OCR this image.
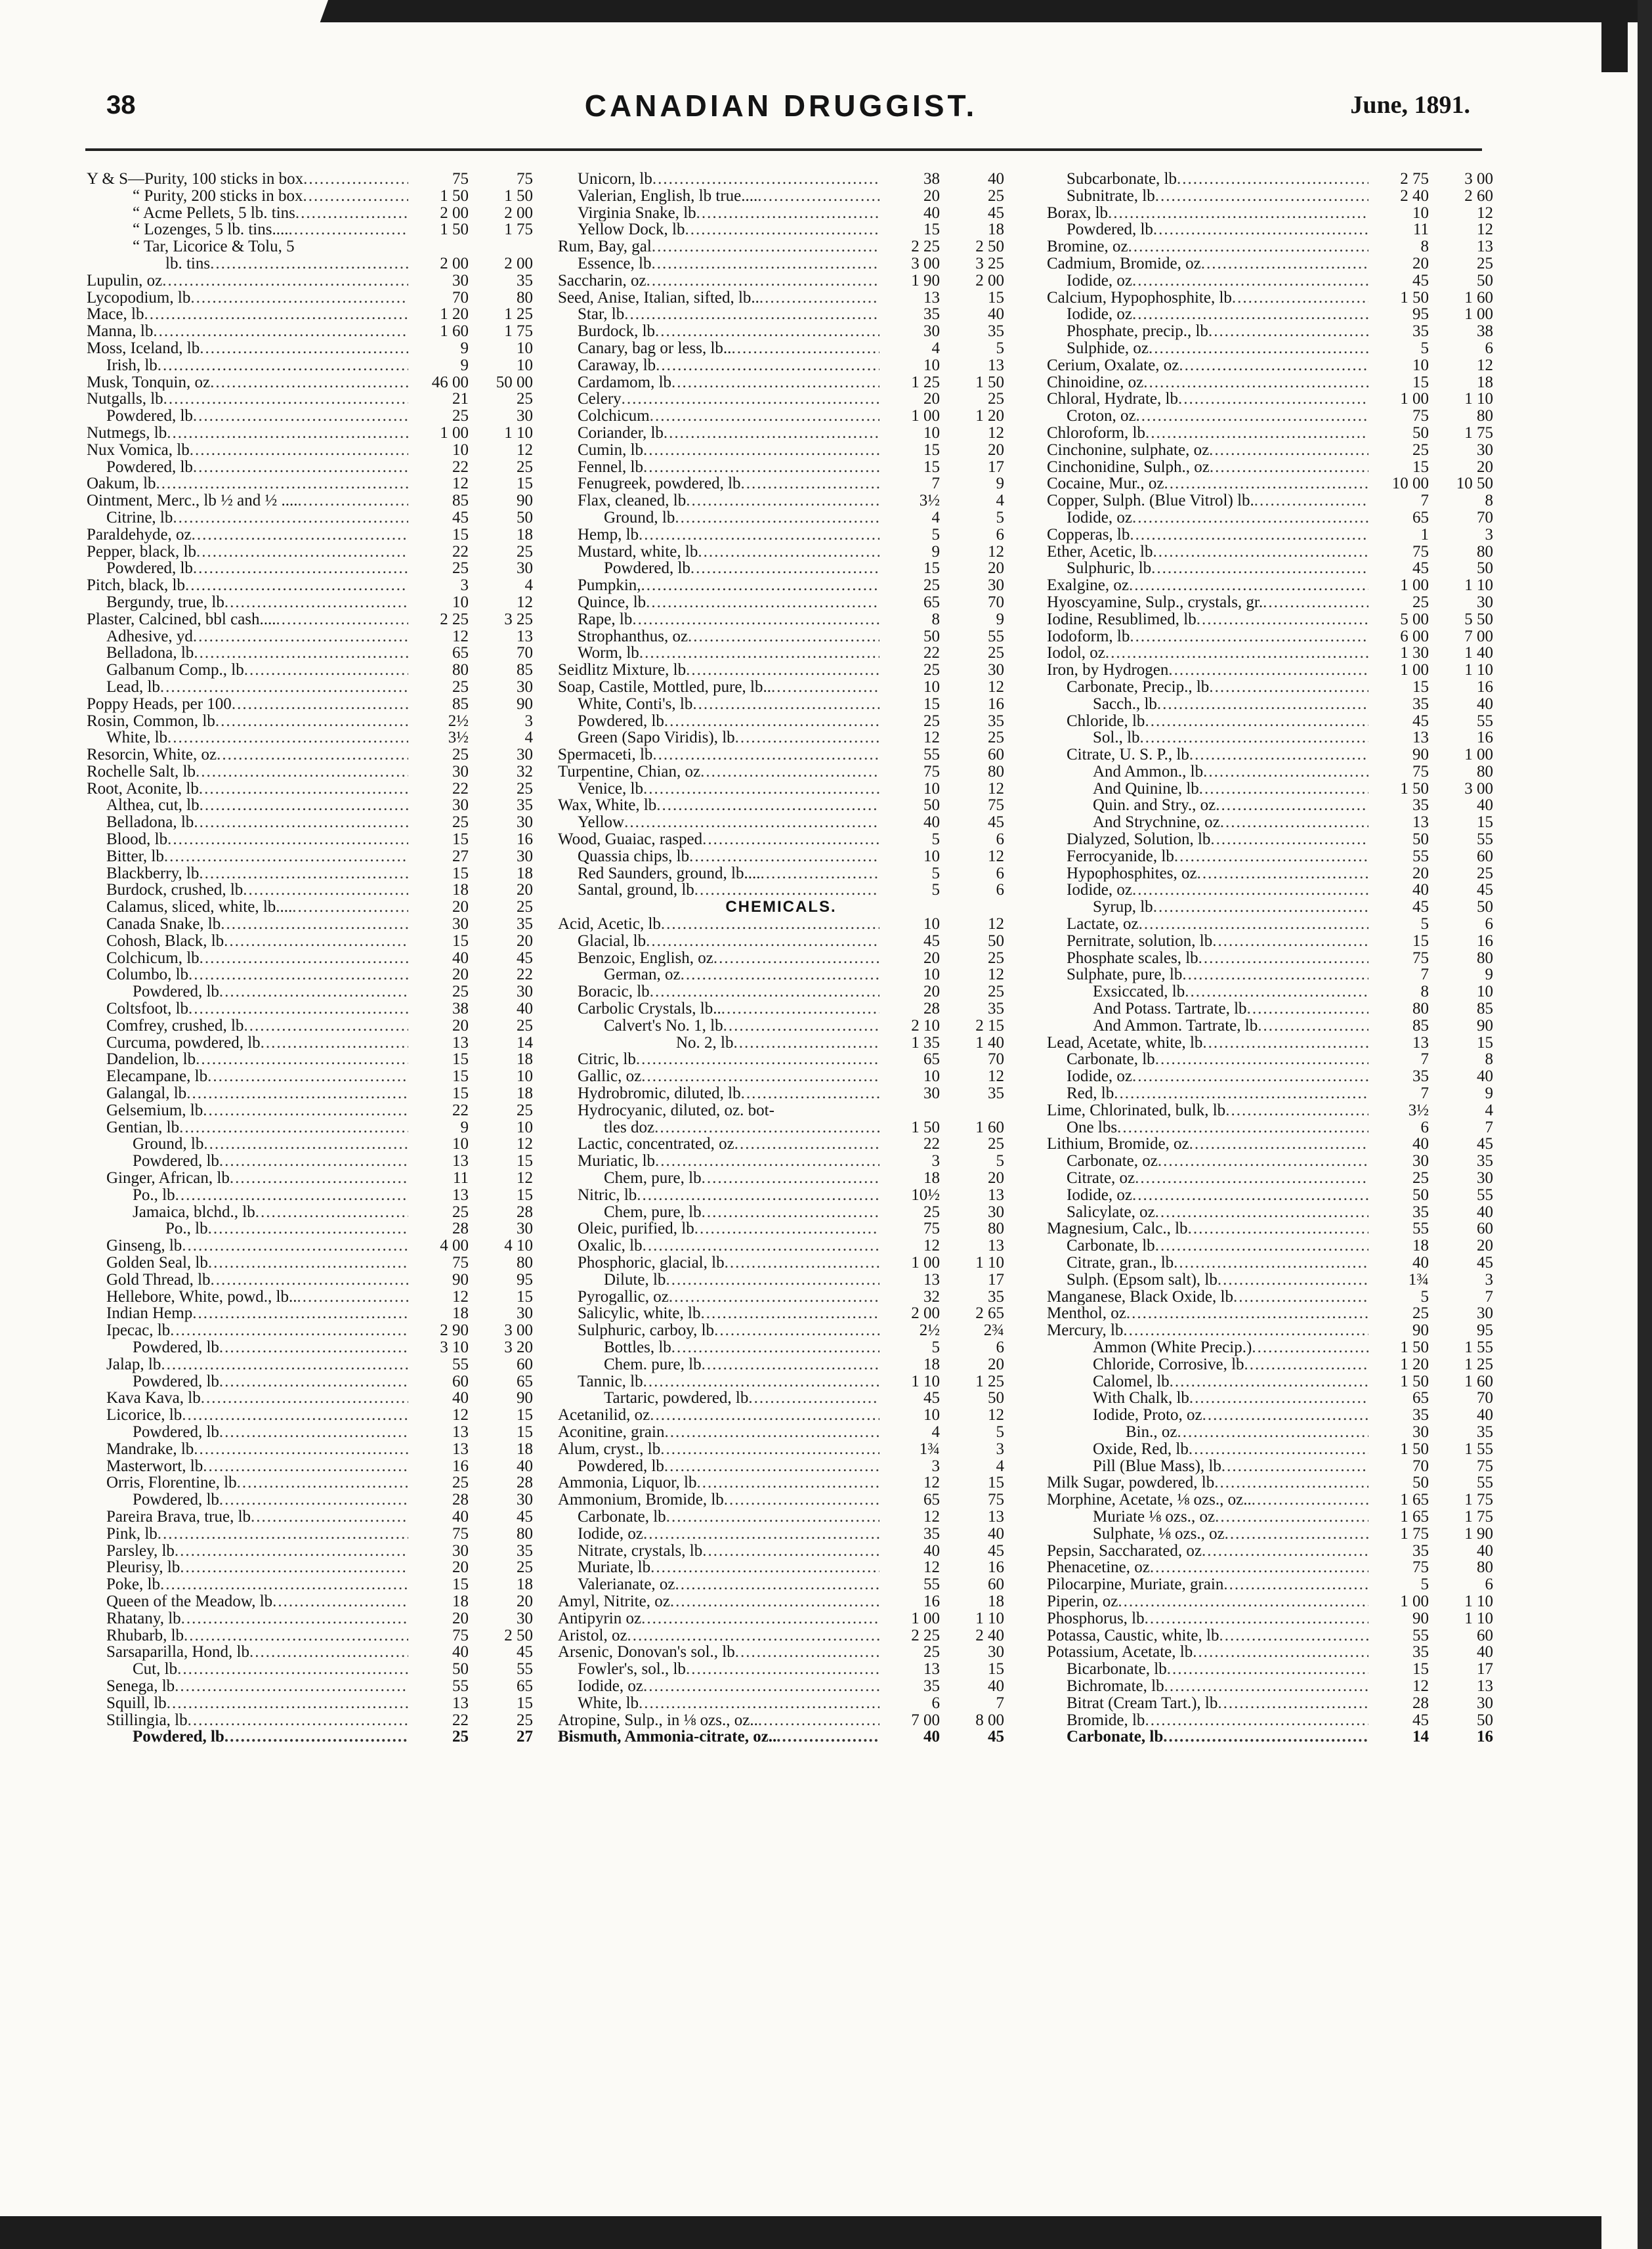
38	CANADIAN DRUGGIST.	June, 1891.
Y & S—Purity, 100 sticks in box .....	75	75
“ Purity, 200 sticks in box .....	1 50	1 50
“ Acme Pellets, 5 lb. tins .....	2 00	2 00
“ Lozenges, 5 lb. tins.... .....	1 50	1 75
“ Tar, Licorice & Tolu, 5
lb. tins .....	2 00	2 00
Lupulin, oz .....	30	35
Lycopodium, lb .....	70	80
Mace, lb .....	1 20	1 25
Manna, lb .....	1 60	1 75
Moss, Iceland, lb .....	9	10
Irish, lb .....	9	10
Musk, Tonquin, oz .....	46 00	50 00
Nutgalls, lb .....	21	25
Powdered, lb .....	25	30
Nutmegs, lb .....	1 00	1 10
Nux Vomica, lb .....	10	12
Powdered, lb .....	22	25
Oakum, lb .....	12	15
Ointment, Merc., lb ½ and ½ .... .....	85	90
Citrine, lb .....	45	50
Paraldehyde, oz .....	15	18
Pepper, black, lb .....	22	25
Powdered, lb .....	25	30
Pitch, black, lb .....	3	4
Bergundy, true, lb .....	10	12
Plaster, Calcined, bbl cash.... .....	2 25	3 25
Adhesive, yd .....	12	13
Belladona, lb .....	65	70
Galbanum Comp., lb .....	80	85
Lead, lb .....	25	30
Poppy Heads, per 100 .....	85	90
Rosin, Common, lb .....	2½	3
White, lb .....	3½	4
Resorcin, White, oz .....	25	30
Rochelle Salt, lb .....	30	32
Root, Aconite, lb .....	22	25
Althea, cut, lb .....	30	35
Belladona, lb .....	25	30
Blood, lb .....	15	16
Bitter, lb .....	27	30
Blackberry, lb .....	15	18
Burdock, crushed, lb .....	18	20
Calamus, sliced, white, lb.... .....	20	25
Canada Snake, lb .....	30	35
Cohosh, Black, lb .....	15	20
Colchicum, lb .....	40	45
Columbo, lb .....	20	22
Powdered, lb .....	25	30
Coltsfoot, lb .....	38	40
Comfrey, crushed, lb .....	20	25
Curcuma, powdered, lb .....	13	14
Dandelion, lb .....	15	18
Elecampane, lb .....	15	10
Galangal, lb .....	15	18
Gelsemium, lb .....	22	25
Gentian, lb .....	9	10
Ground, lb .....	10	12
Powdered, lb .....	13	15
Ginger, African, lb .....	11	12
Po., lb .....	13	15
Jamaica, blchd., lb .....	25	28
Po., lb .....	28	30
Ginseng, lb .....	4 00	4 10
Golden Seal, lb .....	75	80
Gold Thread, lb .....	90	95
Hellebore, White, powd., lb.. .....	12	15
Indian Hemp .....	18	30
Ipecac, lb .....	2 90	3 00
Powdered, lb .....	3 10	3 20
Jalap, lb .....	55	60
Powdered, lb .....	60	65
Kava Kava, lb .....	40	90
Licorice, lb .....	12	15
Powdered, lb .....	13	15
Mandrake, lb .....	13	18
Masterwort, lb .....	16	40
Orris, Florentine, lb .....	25	28
Powdered, lb .....	28	30
Pareira Brava, true, lb .....	40	45
Pink, lb .....	75	80
Parsley, lb .....	30	35
Pleurisy, lb .....	20	25
Poke, lb .....	15	18
Queen of the Meadow, lb .....	18	20
Rhatany, lb .....	20	30
Rhubarb, lb .....	75	2 50
Sarsaparilla, Hond, lb .....	40	45
Cut, lb .....	50	55
Senega, lb .....	55	65
Squill, lb .....	13	15
Stillingia, lb .....	22	25
Powdered, lb .....	25	27
Unicorn, lb .....	38	40
Valerian, English, lb true.... .....	20	25
Virginia Snake, lb .....	40	45
Yellow Dock, lb .....	15	18
Rum, Bay, gal .....	2 25	2 50
Essence, lb .....	3 00	3 25
Saccharin, oz .....	1 90	2 00
Seed, Anise, Italian, sifted, lb.. .....	13	15
Star, lb .....	35	40
Burdock, lb .....	30	35
Canary, bag or less, lb.. .....	4	5
Caraway, lb .....	10	13
Cardamom, lb .....	1 25	1 50
Celery .....	20	25
Colchicum .....	1 00	1 20
Coriander, lb .....	10	12
Cumin, lb .....	15	20
Fennel, lb .....	15	17
Fenugreek, powdered, lb .....	7	9
Flax, cleaned, lb .....	3½	4
Ground, lb .....	4	5
Hemp, lb .....	5	6
Mustard, white, lb .....	9	12
Powdered, lb .....	15	20
Pumpkin, .....	25	30
Quince, lb .....	65	70
Rape, lb .....	8	9
Strophanthus, oz .....	50	55
Worm, lb .....	22	25
Seidlitz Mixture, lb .....	25	30
Soap, Castile, Mottled, pure, lb.. .....	10	12
White, Conti's, lb .....	15	16
Powdered, lb .....	25	35
Green (Sapo Viridis), lb .....	12	25
Spermaceti, lb .....	55	60
Turpentine, Chian, oz .....	75	80
Venice, lb .....	10	12
Wax, White, lb .....	50	75
Yellow .....	40	45
Wood, Guaiac, rasped .....	5	6
Quassia chips, lb .....	10	12
Red Saunders, ground, lb.... .....	5	6
Santal, ground, lb .....	5	6
CHEMICALS.
Acid, Acetic, lb .....	10	12
Glacial, lb .....	45	50
Benzoic, English, oz .....	20	25
German, oz .....	10	12
Boracic, lb .....	20	25
Carbolic Crystals, lb.. .....	28	35
Calvert's No. 1, lb .....	2 10	2 15
No. 2, lb .....	1 35	1 40
Citric, lb .....	65	70
Gallic, oz .....	10	12
Hydrobromic, diluted, lb .....	30	35
Hydrocyanic, diluted, oz. bot-
tles doz .....	1 50	1 60
Lactic, concentrated, oz .....	22	25
Muriatic, lb .....	3	5
Chem, pure, lb .....	18	20
Nitric, lb .....	10½	13
Chem, pure, lb .....	25	30
Oleic, purified, lb .....	75	80
Oxalic, lb .....	12	13
Phosphoric, glacial, lb .....	1 00	1 10
Dilute, lb .....	13	17
Pyrogallic, oz .....	32	35
Salicylic, white, lb .....	2 00	2 65
Sulphuric, carboy, lb .....	2½	2¾
Bottles, lb .....	5	6
Chem. pure, lb .....	18	20
Tannic, lb .....	1 10	1 25
Tartaric, powdered, lb .....	45	50
Acetanilid, oz .....	10	12
Aconitine, grain .....	4	5
Alum, cryst., lb .....	1¾	3
Powdered, lb .....	3	4
Ammonia, Liquor, lb .....	12	15
Ammonium, Bromide, lb .....	65	75
Carbonate, lb .....	12	13
Iodide, oz .....	35	40
Nitrate, crystals, lb .....	40	45
Muriate, lb .....	12	16
Valerianate, oz .....	55	60
Amyl, Nitrite, oz .....	16	18
Antipyrin oz .....	1 00	1 10
Aristol, oz .....	2 25	2 40
Arsenic, Donovan's sol., lb .....	25	30
Fowler's, sol., lb .....	13	15
Iodide, oz .....	35	40
White, lb .....	6	7
Atropine, Sulp., in ⅛ ozs., oz.. .....	7 00	8 00
Bismuth, Ammonia-citrate, oz.. .....	40	45
Subcarbonate, lb .....	2 75	3 00
Subnitrate, lb .....	2 40	2 60
Borax, lb .....	10	12
Powdered, lb .....	11	12
Bromine, oz .....	8	13
Cadmium, Bromide, oz .....	20	25
Iodide, oz .....	45	50
Calcium, Hypophosphite, lb .....	1 50	1 60
Iodide, oz .....	95	1 00
Phosphate, precip., lb .....	35	38
Sulphide, oz .....	5	6
Cerium, Oxalate, oz .....	10	12
Chinoidine, oz .....	15	18
Chloral, Hydrate, lb .....	1 00	1 10
Croton, oz .....	75	80
Chloroform, lb .....	50	1 75
Cinchonine, sulphate, oz .....	25	30
Cinchonidine, Sulph., oz .....	15	20
Cocaine, Mur., oz .....	10 00	10 50
Copper, Sulph. (Blue Vitrol) lb. .....	7	8
Iodide, oz .....	65	70
Copperas, lb .....	1	3
Ether, Acetic, lb .....	75	80
Sulphuric, lb .....	45	50
Exalgine, oz .....	1 00	1 10
Hyoscyamine, Sulp., crystals, gr. .....	25	30
Iodine, Resublimed, lb .....	5 00	5 50
Iodoform, lb .....	6 00	7 00
Iodol, oz .....	1 30	1 40
Iron, by Hydrogen .....	1 00	1 10
Carbonate, Precip., lb .....	15	16
Sacch., lb .....	35	40
Chloride, lb .....	45	55
Sol., lb .....	13	16
Citrate, U. S. P., lb .....	90	1 00
And Ammon., lb .....	75	80
And Quinine, lb .....	1 50	3 00
Quin. and Stry., oz .....	35	40
And Strychnine, oz .....	13	15
Dialyzed, Solution, lb .....	50	55
Ferrocyanide, lb .....	55	60
Hypophosphites, oz .....	20	25
Iodide, oz .....	40	45
Syrup, lb .....	45	50
Lactate, oz .....	5	6
Pernitrate, solution, lb .....	15	16
Phosphate scales, lb .....	75	80
Sulphate, pure, lb .....	7	9
Exsiccated, lb .....	8	10
And Potass. Tartrate, lb .....	80	85
And Ammon. Tartrate, lb .....	85	90
Lead, Acetate, white, lb .....	13	15
Carbonate, lb .....	7	8
Iodide, oz .....	35	40
Red, lb .....	7	9
Lime, Chlorinated, bulk, lb .....	3½	4
One lbs .....	6	7
Lithium, Bromide, oz .....	40	45
Carbonate, oz .....	30	35
Citrate, oz .....	25	30
Iodide, oz .....	50	55
Salicylate, oz .....	35	40
Magnesium, Calc., lb .....	55	60
Carbonate, lb .....	18	20
Citrate, gran., lb .....	40	45
Sulph. (Epsom salt), lb .....	1¾	3
Manganese, Black Oxide, lb .....	5	7
Menthol, oz .....	25	30
Mercury, lb .....	90	95
Ammon (White Precip.) .....	1 50	1 55
Chloride, Corrosive, lb .....	1 20	1 25
Calomel, lb .....	1 50	1 60
With Chalk, lb .....	65	70
Iodide, Proto, oz .....	35	40
Bin., oz .....	30	35
Oxide, Red, lb .....	1 50	1 55
Pill (Blue Mass), lb .....	70	75
Milk Sugar, powdered, lb .....	50	55
Morphine, Acetate, ⅛ ozs., oz.. .....	1 65	1 75
Muriate ⅛ ozs., oz .....	1 65	1 75
Sulphate, ⅛ ozs., oz .....	1 75	1 90
Pepsin, Saccharated, oz .....	35	40
Phenacetine, oz .....	75	80
Pilocarpine, Muriate, grain .....	5	6
Piperin, oz .....	1 00	1 10
Phosphorus, lb .....	90	1 10
Potassa, Caustic, white, lb .....	55	60
Potassium, Acetate, lb .....	35	40
Bicarbonate, lb .....	15	17
Bichromate, lb .....	12	13
Bitrat (Cream Tart.), lb .....	28	30
Bromide, lb .....	45	50
Carbonate, lb .....	14	16
